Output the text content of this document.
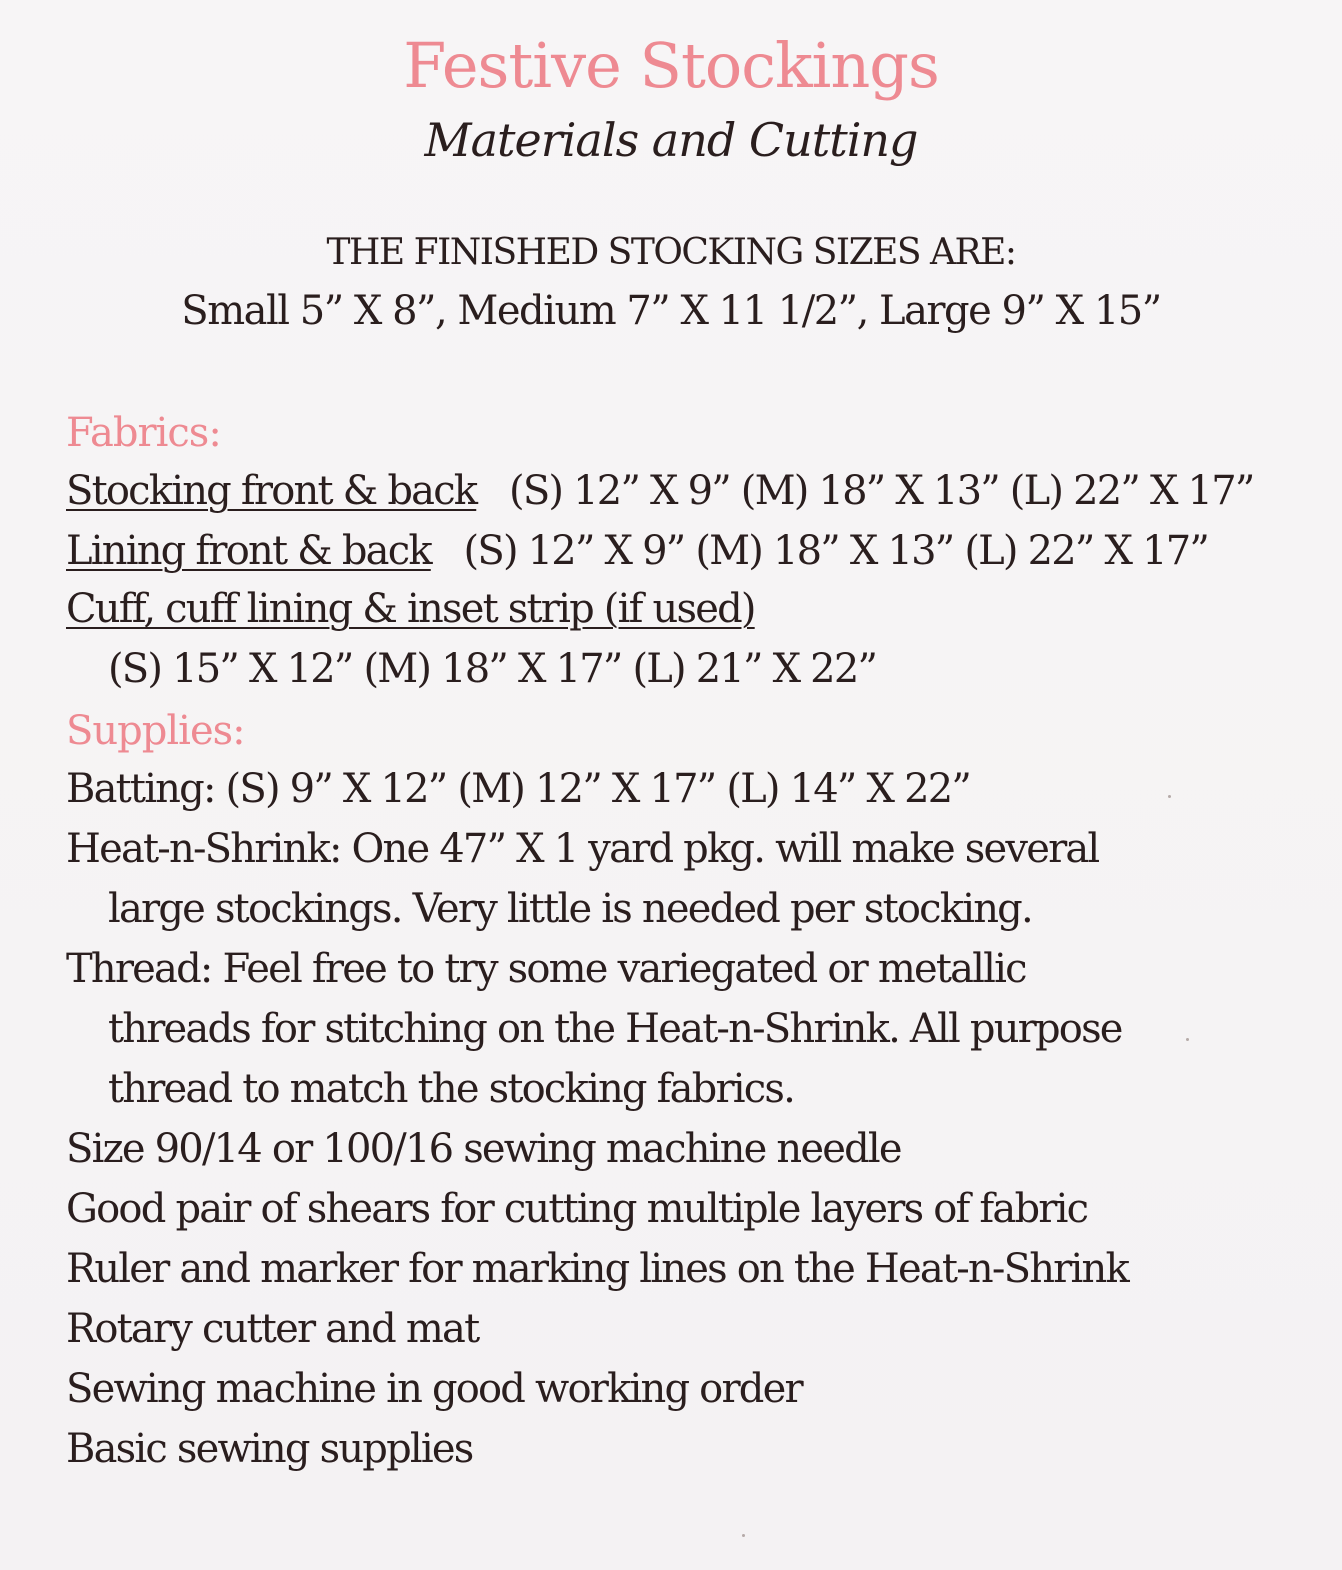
Festive Stockings
Materials and Cutting
THE FINISHED STOCKING SIZES ARE:
Small 5” X 8”, Medium 7” X 11 1/2”, Large 9” X 15”
Fabrics:
Stocking front & back (S) 12” X 9” (M) 18” X 13” (L) 22” X 17”
Lining front & back (S) 12” X 9” (M) 18” X 13” (L) 22” X 17”
Cuff, cuff lining & inset strip (if used)
(S) 15” X 12” (M) 18” X 17” (L) 21” X 22”
Supplies:
Batting: (S) 9” X 12” (M) 12” X 17” (L) 14” X 22”
Heat-n-Shrink: One 47” X 1 yard pkg. will make several
large stockings. Very little is needed per stocking.
Thread: Feel free to try some variegated or metallic
threads for stitching on the Heat-n-Shrink. All purpose
thread to match the stocking fabrics.
Size 90/14 or 100/16 sewing machine needle
Good pair of shears for cutting multiple layers of fabric
Ruler and marker for marking lines on the Heat-n-Shrink
Rotary cutter and mat
Sewing machine in good working order
Basic sewing supplies
